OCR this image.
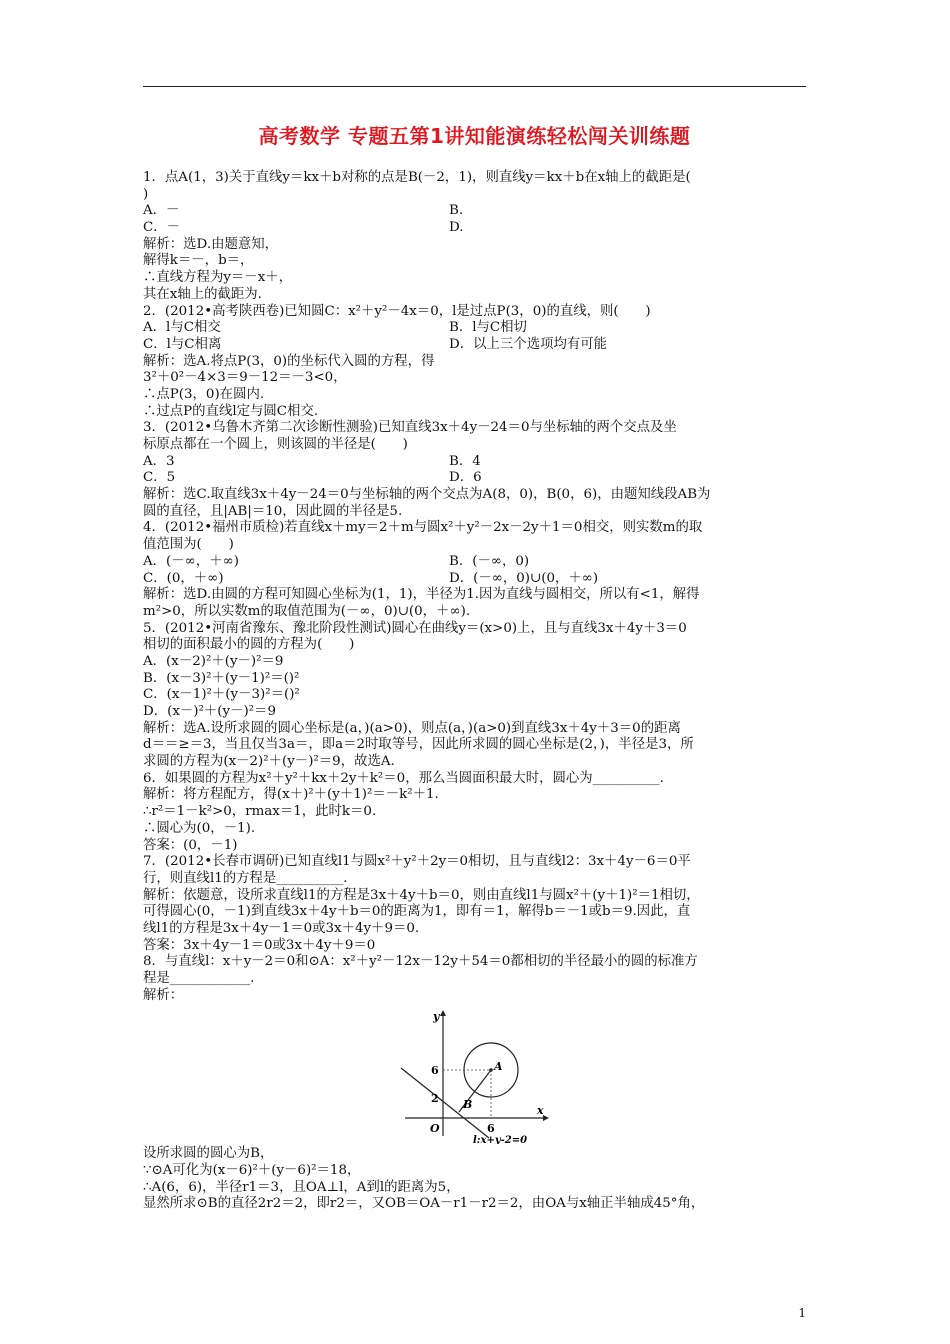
高考数学 专题五第1讲知能演练轻松闯关训练题
1．点A(1，3)关于直线y＝kx＋b对称的点是B(－2，1)，则直线y＝kx＋b在x轴上的截距是(
)
A．－	B.
C．－	D.
解析：选D.由题意知，
解得k＝－，b＝，
∴直线方程为y＝－x＋，
其在x轴上的截距为.
2．(2012•高考陕西卷)已知圆C：x²＋y²－4x＝0，l是过点P(3，0)的直线，则(　　)
A．l与C相交	B．l与C相切
C．l与C相离	D．以上三个选项均有可能
解析：选A.将点P(3，0)的坐标代入圆的方程，得
3²＋0²－4×3＝9－12＝－3<0，
∴点P(3，0)在圆内.
∴过点P的直线l定与圆C相交.
3．(2012•乌鲁木齐第二次诊断性测验)已知直线3x＋4y－24＝0与坐标轴的两个交点及坐
标原点都在一个圆上，则该圆的半径是(　　)
A．3	B．4
C．5	D．6
解析：选C.取直线3x＋4y－24＝0与坐标轴的两个交点为A(8，0)，B(0，6)，由题知线段AB为
圆的直径，且|AB|＝10，因此圆的半径是5.
4．(2012•福州市质检)若直线x＋my＝2＋m与圆x²＋y²－2x－2y＋1＝0相交，则实数m的取
值范围为(　　)
A．(－∞，＋∞)	B．(－∞，0)
C．(0，＋∞)	D．(－∞，0)∪(0，＋∞)
解析：选D.由圆的方程可知圆心坐标为(1，1)，半径为1.因为直线与圆相交，所以有<1，解得
m²>0，所以实数m的取值范围为(－∞，0)∪(0，＋∞).
5．(2012•河南省豫东、豫北阶段性测试)圆心在曲线y＝(x>0)上，且与直线3x＋4y＋3＝0
相切的面积最小的圆的方程为(　　)
A．(x－2)²＋(y－)²＝9
B．(x－3)²＋(y－1)²＝()²
C．(x－1)²＋(y－3)²＝()²
D．(x－)²＋(y－)²＝9
解析：选A.设所求圆的圆心坐标是(a，)(a>0)，则点(a，)(a>0)到直线3x＋4y＋3＝0的距离
d＝＝≥＝3，当且仅当3a＝，即a＝2时取等号，因此所求圆的圆心坐标是(2，)，半径是3，所
求圆的方程为(x－2)²＋(y－)²＝9，故选A.
6．如果圆的方程为x²＋y²＋kx＋2y＋k²＝0，那么当圆面积最大时，圆心为__________.
解析：将方程配方，得(x＋)²＋(y＋1)²＝－k²＋1.
∴r²＝1－k²>0，rmax＝1，此时k＝0.
∴圆心为(0，－1).
答案：(0，－1)
7．(2012•长春市调研)已知直线l1与圆x²＋y²＋2y＝0相切，且与直线l2：3x＋4y－6＝0平
行，则直线l1的方程是__________.
解析：依题意，设所求直线l1的方程是3x＋4y＋b＝0，则由直线l1与圆x²＋(y＋1)²＝1相切，
可得圆心(0，－1)到直线3x＋4y＋b＝0的距离为1，即有＝1，解得b＝－1或b＝9.因此，直
线l1的方程是3x＋4y－1＝0或3x＋4y＋9＝0.
答案：3x＋4y－1＝0或3x＋4y＋9＝0
8．与直线l：x＋y－2＝0和⊙A：x²＋y²－12x－12y＋54＝0都相切的半径最小的圆的标准方
程是____________.
解析：
y
x
O
6
2
6
A
B
l:x+y-2=0
设所求圆的圆心为B，
∵⊙A可化为(x－6)²＋(y－6)²＝18，
∴A(6，6)，半径r1＝3，且OA⊥l，A到l的距离为5，
显然所求⊙B的直径2r2＝2，即r2＝，又OB＝OA－r1－r2＝2，由OA与x轴正半轴成45°角，
1
